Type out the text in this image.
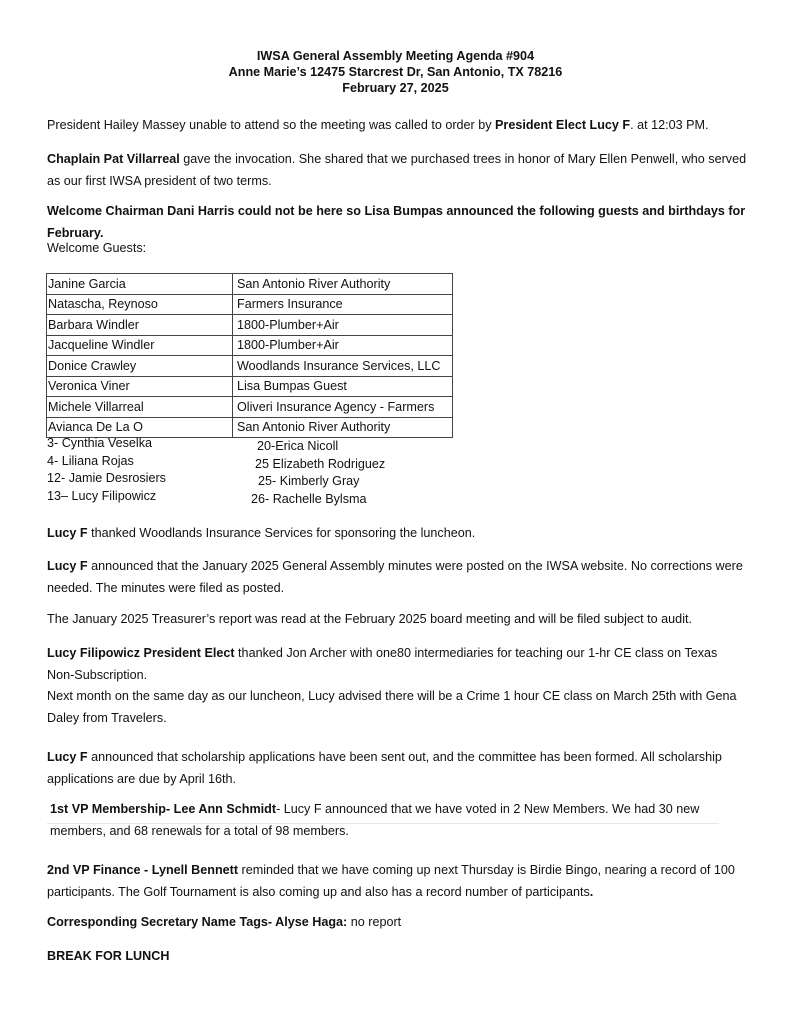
IWSA General Assembly Meeting Agenda #904
Anne Marie’s 12475 Starcrest Dr, San Antonio, TX 78216
February 27, 2025
President Hailey Massey unable to attend so the meeting was called to order by President Elect Lucy F. at 12:03 PM.
Chaplain Pat Villarreal gave the invocation. She shared that we purchased trees in honor of Mary Ellen Penwell, who served as our first IWSA president of two terms.
Welcome Chairman Dani Harris could not be here so Lisa Bumpas announced the following guests and birthdays for February.
Welcome Guests:
Janine Garcia	San Antonio River Authority
Natascha, Reynoso	Farmers Insurance
Barbara Windler	1800-Plumber+Air
Jacqueline Windler	1800-Plumber+Air
Donice Crawley	Woodlands Insurance Services, LLC
Veronica Viner	Lisa Bumpas Guest
Michele Villarreal	Oliveri Insurance Agency - Farmers
Avianca De La O	San Antonio River Authority
3- Cynthia Veselka
4- Liliana Rojas
12- Jamie Desrosiers
13– Lucy Filipowicz
20-Erica Nicoll
25 Elizabeth Rodriguez
25- Kimberly Gray
26- Rachelle Bylsma
Lucy F thanked Woodlands Insurance Services for sponsoring the luncheon.
Lucy F announced that the January 2025 General Assembly minutes were posted on the IWSA website. No corrections were needed. The minutes were filed as posted.
The January 2025 Treasurer’s report was read at the February 2025 board meeting and will be filed subject to audit.
Lucy Filipowicz President Elect thanked Jon Archer with one80 intermediaries for teaching our 1-hr CE class on Texas Non-Subscription.
Next month on the same day as our luncheon, Lucy advised there will be a Crime 1 hour CE class on March 25th with Gena Daley from Travelers.
Lucy F announced that scholarship applications have been sent out, and the committee has been formed. All scholarship applications are due by April 16th.
1st VP Membership- Lee Ann Schmidt- Lucy F announced that we have voted in 2 New Members. We had 30 new members, and 68 renewals for a total of 98 members.
2nd VP Finance - Lynell Bennett reminded that we have coming up next Thursday is Birdie Bingo, nearing a record of 100 participants. The Golf Tournament is also coming up and also has a record number of participants.
Corresponding Secretary Name Tags- Alyse Haga: no report
BREAK FOR LUNCH
